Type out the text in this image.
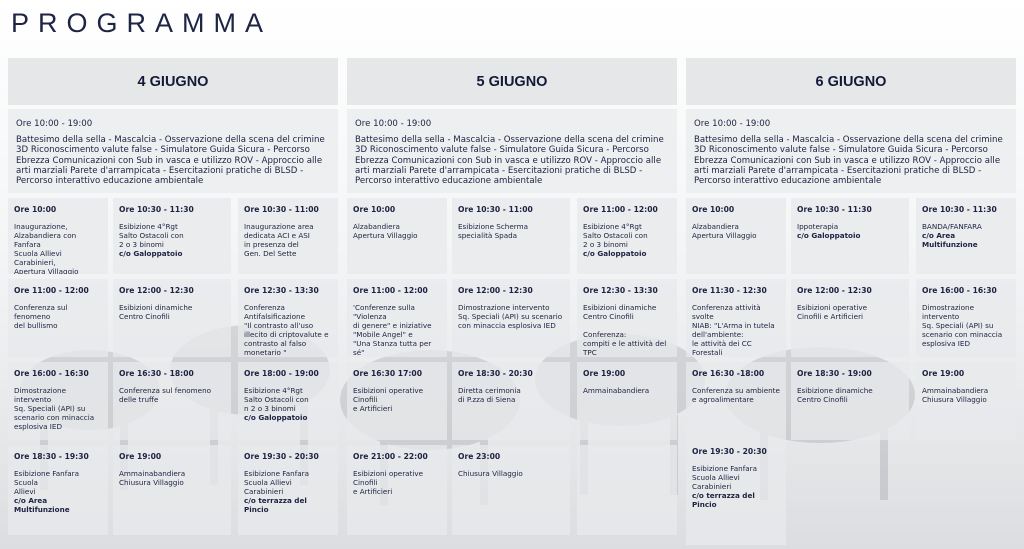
PROGRAMMA
4 GIUGNO
Ore 10:00 - 19:00
Battesimo della sella - Mascalcia - Osservazione della scena del crimine 3D Riconoscimento valute false - Simulatore Guida Sicura - Percorso Ebrezza Comunicazioni con Sub in vasca e utilizzo ROV - Approccio alle arti marziali Parete d'arrampicata - Esercitazioni pratiche di BLSD - Percorso interattivo educazione ambientale
5 GIUGNO
Ore 10:00 - 19:00
Battesimo della sella - Mascalcia - Osservazione della scena del crimine 3D Riconoscimento valute false - Simulatore Guida Sicura - Percorso Ebrezza Comunicazioni con Sub in vasca e utilizzo ROV - Approccio alle arti marziali Parete d'arrampicata - Esercitazioni pratiche di BLSD - Percorso interattivo educazione ambientale
6 GIUGNO
Ore 10:00 - 19:00
Battesimo della sella - Mascalcia - Osservazione della scena del crimine 3D Riconoscimento valute false - Simulatore Guida Sicura - Percorso Ebrezza Comunicazioni con Sub in vasca e utilizzo ROV - Approccio alle arti marziali Parete d'arrampicata - Esercitazioni pratiche di BLSD - Percorso interattivo educazione ambientale
Ore 10:00
Inaugurazione,
Alzabandiera con Fanfara
Scuola Allievi Carabinieri,
Apertura Villaggio
Ore 10:30 - 11:30
Esibizione 4°Rgt
Salto Ostacoli con
2 o 3 binomi
c/o Galoppatoio
Ore 10:30 - 11:00
Inaugurazione area
dedicata ACI e ASI
in presenza del
Gen. Del Sette
Ore 11:00 - 12:00
Conferenza sul fenomeno
del bullismo
Ore 12:00 - 12:30
Esibizioni dinamiche
Centro Cinofili
Ore 12:30 - 13:30
Conferenza
Antifalsificazione
"Il contrasto all'uso
illecito di criptovalute e
contrasto al falso
monetario "
Ore 16:00 - 16:30
Dimostrazione intervento
Sq. Speciali (API) su
scenario con minaccia
esplosiva IED
Ore 16:30 - 18:00
Conferenza sul fenomeno
delle truffe
Ore 18:00 - 19:00
Esibizione 4°Rgt
Salto Ostacoli con
n 2 o 3 binomi
c/o Galoppatoio
Ore 18:30 - 19:30
Esibizione Fanfara Scuola
Allievi
c/o Area Multifunzione
Ore 19:00
Ammainabandiera
Chiusura Villaggio
Ore 19:30 - 20:30
Esibizione Fanfara
Scuola Allievi Carabinieri
c/o terrazza del Pincio
Ore 10:00
Alzabandiera
Apertura Villaggio
Ore 10:30 - 11:00
Esibizione Scherma
specialità Spada
Ore 11:00 - 12:00
Esibizione 4°Rgt
Salto Ostacoli con
2 o 3 binomi
c/o Galoppatoio
Ore 11:00 - 12:00
'Conferenze sulla "Violenza
di genere" e iniziative
"Mobile Angel" e
"Una Stanza tutta per sé"
Ore 12:00 - 12:30
Dimostrazione intervento
Sq. Speciali (API) su scenario
con minaccia esplosiva IED
Ore 12:30 - 13:30
Esibizioni dinamiche
Centro Cinofili

Conferenza:
compiti e le attività del
TPC
Ore 16:30 17:00
Esibizioni operative Cinofili
e Artificieri
Ore 18:30 - 20:30
Diretta cerimonia
di P.zza di Siena
Ore 19:00
Ammainabandiera
Ore 21:00 - 22:00
Esibizioni operative Cinofili
e Artificieri
Ore 23:00
Chiusura Villaggio
Ore 10:00
Alzabandiera
Apertura Villaggio
Ore 10:30 - 11:30
Ippoterapia
c/o Galoppatoio
Ore 10:30 - 11:30
BANDA/FANFARA
c/o Area Multifunzione
Ore 11:30 - 12:30
Conferenza attività svolte
NIAB: "L'Arma in tutela
dell'ambiente:
le attività dei CC Forestali

Ore 12:00 - 12:30
Esibizioni operative
Cinofili e Artificieri
Ore 16:00 - 16:30
Dimostrazione intervento
Sq. Speciali (API) su
scenario con minaccia
esplosiva IED
Ore 16:30 -18:00
Conferenza su ambiente
e agroalimentare
Ore 18:30 - 19:00
Esibizione dinamiche
Centro Cinofili
Ore 19:00
Ammainabandiera
Chiusura Villaggio
Ore 19:30 - 20:30
Esibizione Fanfara
Scuola Allievi Carabinieri
c/o terrazza del Pincio
